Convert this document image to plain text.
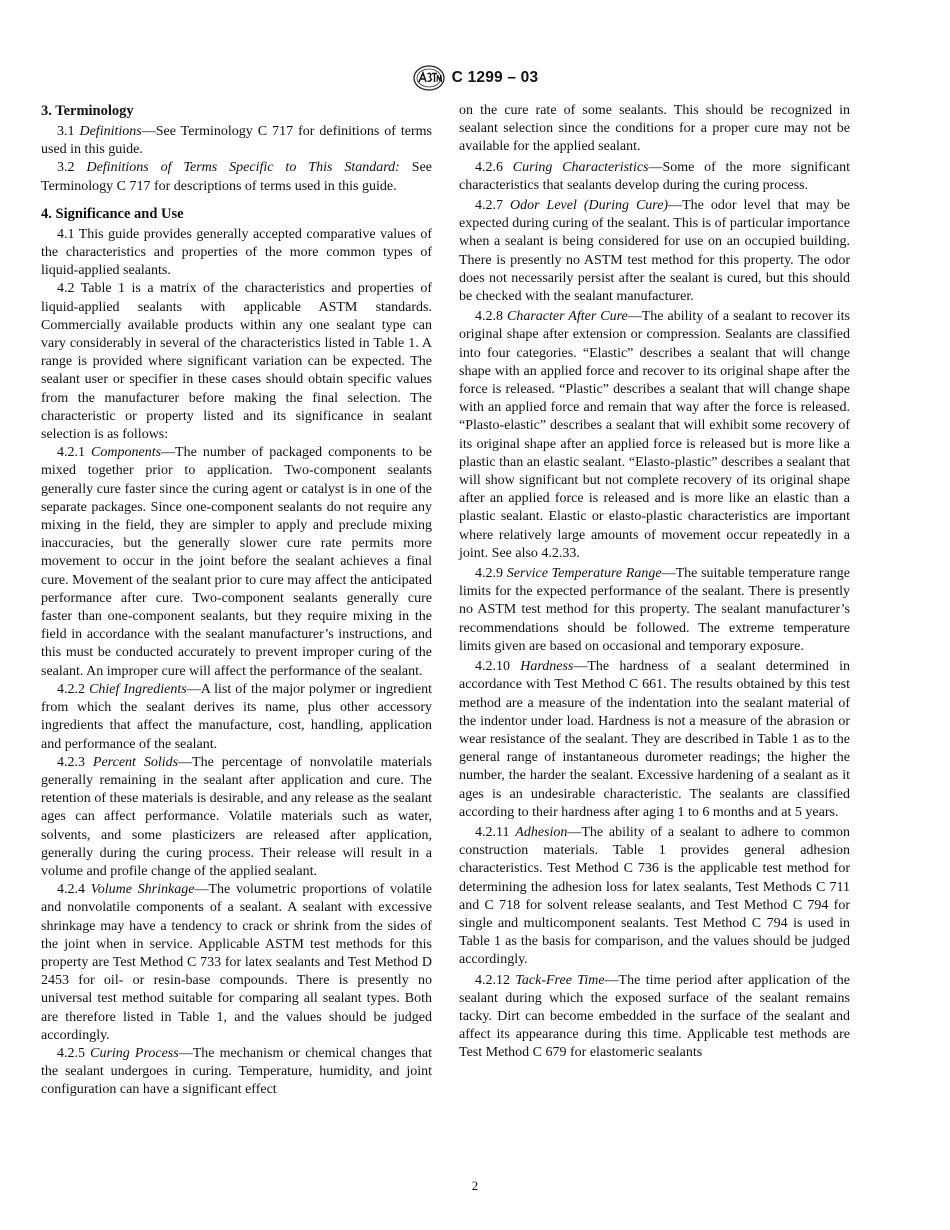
C 1299 – 03
3. Terminology

3.1 Definitions—See Terminology C 717 for definitions of terms used in this guide.

3.2 Definitions of Terms Specific to This Standard: See Terminology C 717 for descriptions of terms used in this guide.

4. Significance and Use

4.1 This guide provides generally accepted comparative values of the characteristics and properties of the more common types of liquid-applied sealants.

4.2 Table 1 is a matrix of the characteristics and properties of liquid-applied sealants with applicable ASTM standards. Commercially available products within any one sealant type can vary considerably in several of the characteristics listed in Table 1. A range is provided where significant variation can be expected. The sealant user or specifier in these cases should obtain specific values from the manufacturer before making the final selection. The characteristic or property listed and its significance in sealant selection is as follows:

4.2.1 Components—The number of packaged components to be mixed together prior to application. Two-component sealants generally cure faster since the curing agent or catalyst is in one of the separate packages. Since one-component sealants do not require any mixing in the field, they are simpler to apply and preclude mixing inaccuracies, but the generally slower cure rate permits more movement to occur in the joint before the sealant achieves a final cure. Movement of the sealant prior to cure may affect the anticipated performance after cure. Two-component sealants generally cure faster than one-component sealants, but they require mixing in the field in accordance with the sealant manufacturer’s instructions, and this must be conducted accurately to prevent improper curing of the sealant. An improper cure will affect the performance of the sealant.

4.2.2 Chief Ingredients—A list of the major polymer or ingredient from which the sealant derives its name, plus other accessory ingredients that affect the manufacture, cost, handling, application and performance of the sealant.

4.2.3 Percent Solids—The percentage of nonvolatile materials generally remaining in the sealant after application and cure. The retention of these materials is desirable, and any release as the sealant ages can affect performance. Volatile materials such as water, solvents, and some plasticizers are released after application, generally during the curing process. Their release will result in a volume and profile change of the applied sealant.

4.2.4 Volume Shrinkage—The volumetric proportions of volatile and nonvolatile components of a sealant. A sealant with excessive shrinkage may have a tendency to crack or shrink from the sides of the joint when in service. Applicable ASTM test methods for this property are Test Method C 733 for latex sealants and Test Method D 2453 for oil- or resin-base compounds. There is presently no universal test method suitable for comparing all sealant types. Both are therefore listed in Table 1, and the values should be judged accordingly.

4.2.5 Curing Process—The mechanism or chemical changes that the sealant undergoes in curing. Temperature, humidity, and joint configuration can have a significant effect

on the cure rate of some sealants. This should be recognized in sealant selection since the conditions for a proper cure may not be available for the applied sealant.

4.2.6 Curing Characteristics—Some of the more significant characteristics that sealants develop during the curing process.

4.2.7 Odor Level (During Cure)—The odor level that may be expected during curing of the sealant. This is of particular importance when a sealant is being considered for use on an occupied building. There is presently no ASTM test method for this property. The odor does not necessarily persist after the sealant is cured, but this should be checked with the sealant manufacturer.

4.2.8 Character After Cure—The ability of a sealant to recover its original shape after extension or compression. Sealants are classified into four categories. “Elastic” describes a sealant that will change shape with an applied force and recover to its original shape after the force is released. “Plastic” describes a sealant that will change shape with an applied force and remain that way after the force is released. “Plasto-elastic” describes a sealant that will exhibit some recovery of its original shape after an applied force is released but is more like a plastic than an elastic sealant. “Elasto-plastic” describes a sealant that will show significant but not complete recovery of its original shape after an applied force is released and is more like an elastic than a plastic sealant. Elastic or elasto-plastic characteristics are important where relatively large amounts of movement occur repeatedly in a joint. See also 4.2.33.

4.2.9 Service Temperature Range—The suitable temperature range limits for the expected performance of the sealant. There is presently no ASTM test method for this property. The sealant manufacturer’s recommendations should be followed. The extreme temperature limits given are based on occasional and temporary exposure.

4.2.10 Hardness—The hardness of a sealant determined in accordance with Test Method C 661. The results obtained by this test method are a measure of the indentation into the sealant material of the indentor under load. Hardness is not a measure of the abrasion or wear resistance of the sealant. They are described in Table 1 as to the general range of instantaneous durometer readings; the higher the number, the harder the sealant. Excessive hardening of a sealant as it ages is an undesirable characteristic. The sealants are classified according to their hardness after aging 1 to 6 months and at 5 years.

4.2.11 Adhesion—The ability of a sealant to adhere to common construction materials. Table 1 provides general adhesion characteristics. Test Method C 736 is the applicable test method for determining the adhesion loss for latex sealants, Test Methods C 711 and C 718 for solvent release sealants, and Test Method C 794 for single and multicomponent sealants. Test Method C 794 is used in Table 1 as the basis for comparison, and the values should be judged accordingly.

4.2.12 Tack-Free Time—The time period after application of the sealant during which the exposed surface of the sealant remains tacky. Dirt can become embedded in the surface of the sealant and affect its appearance during this time. Applicable test methods are Test Method C 679 for elastomeric sealants

2
